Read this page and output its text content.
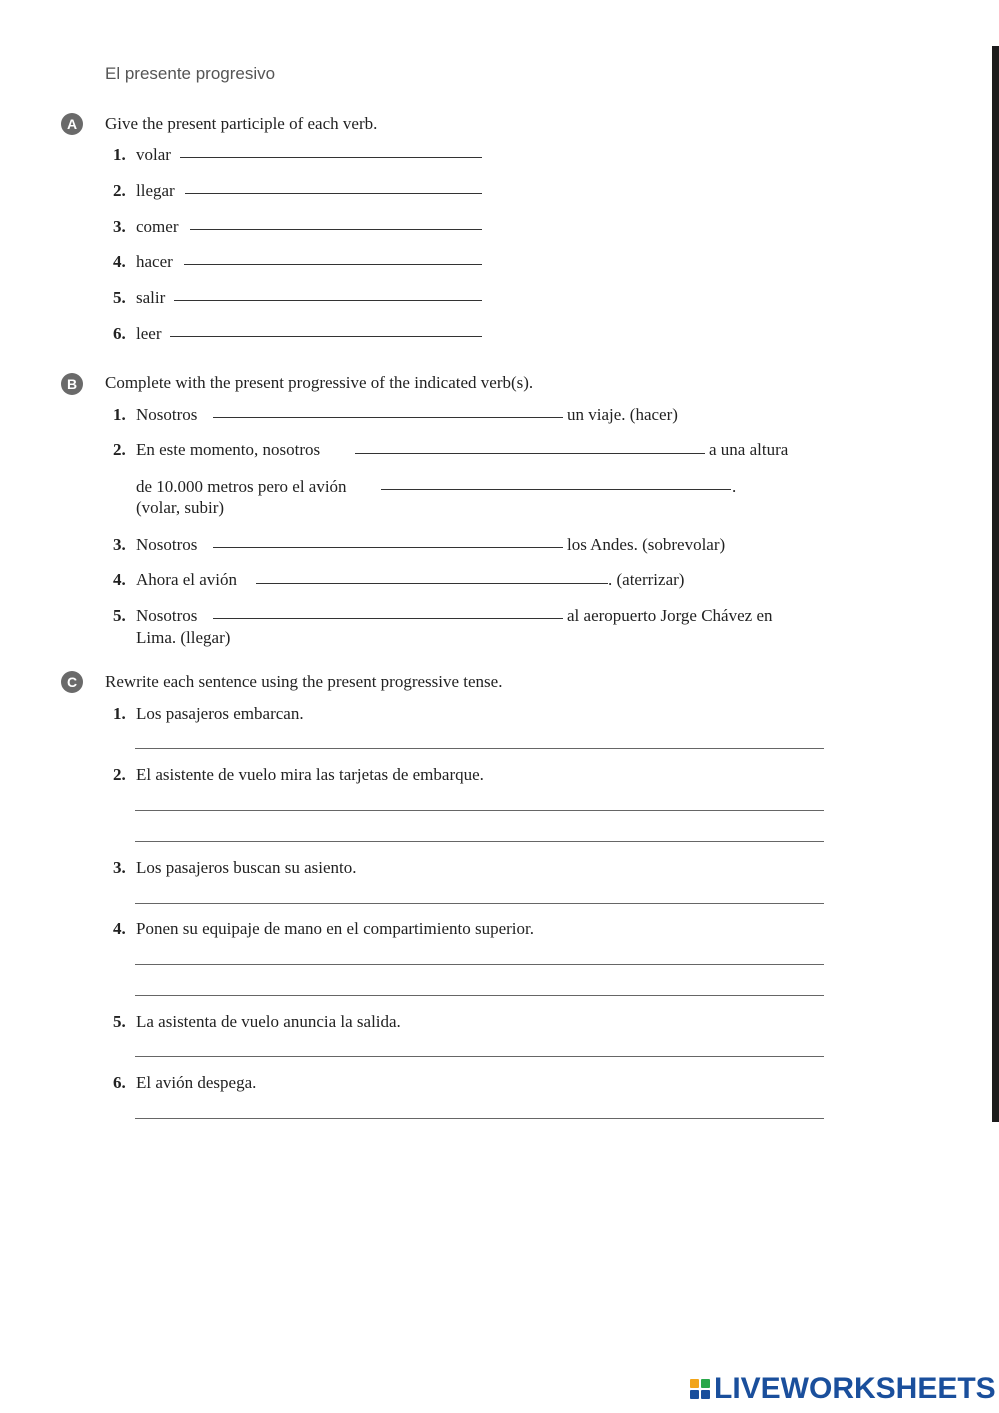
El presente progresivo
A	Give the present participle of each verb.
1. volar
2. llegar
3. comer
4. hacer
5. salir
6. leer
B	Complete with the present progressive of the indicated verb(s).
1. Nosotros	un viaje. (hacer)
2. En este momento, nosotros	a una altura
de 10.000 metros pero el avión	.
(volar, subir)
3. Nosotros	los Andes. (sobrevolar)
4. Ahora el avión	. (aterrizar)
5. Nosotros	al aeropuerto Jorge Chávez en
Lima. (llegar)
C	Rewrite each sentence using the present progressive tense.
1. Los pasajeros embarcan.
2. El asistente de vuelo mira las tarjetas de embarque.
3. Los pasajeros buscan su asiento.
4. Ponen su equipaje de mano en el compartimiento superior.
5. La asistenta de vuelo anuncia la salida.
6. El avión despega.
LIVEWORKSHEETS
